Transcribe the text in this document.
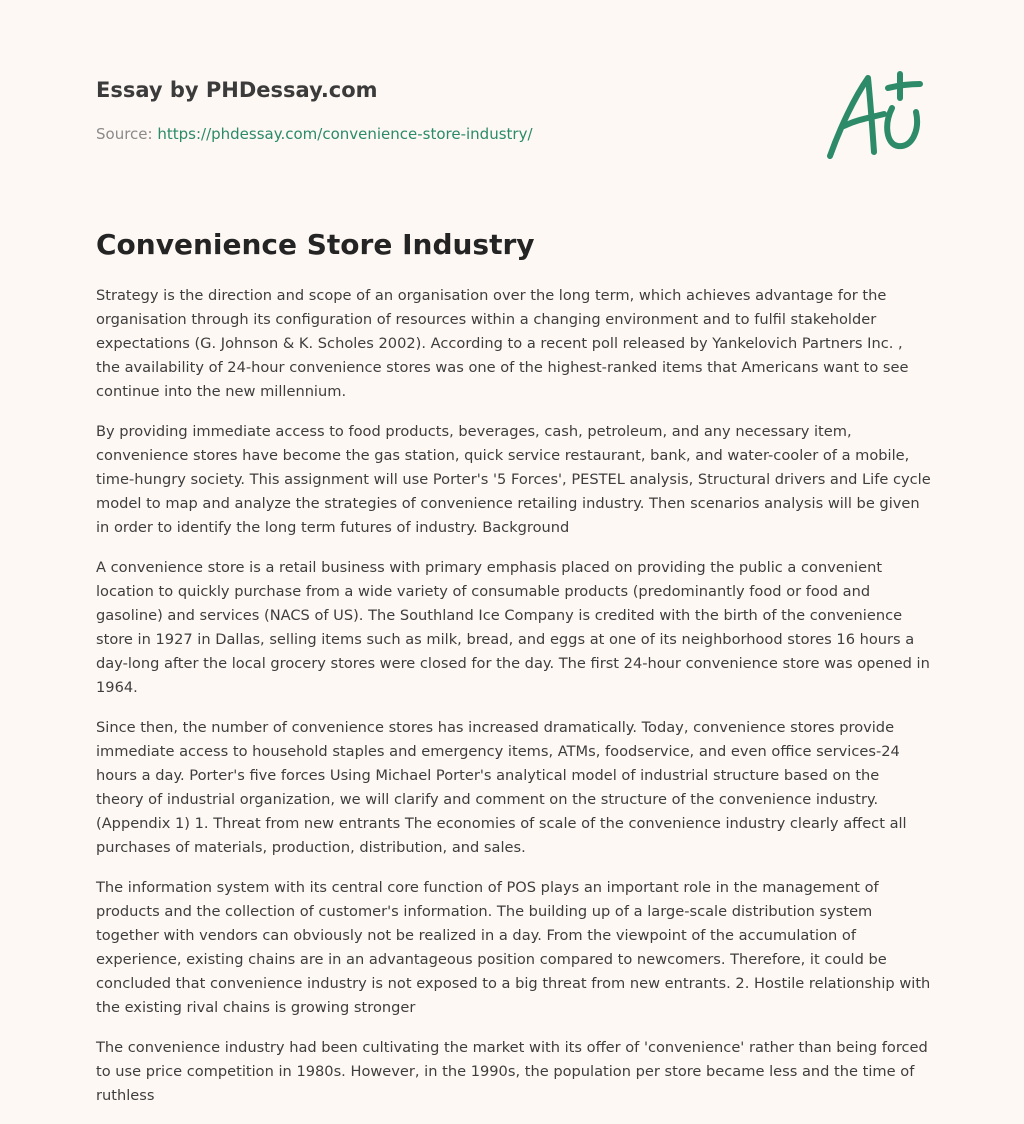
Essay by PHDessay.com
Source: https://phdessay.com/convenience-store-industry/
Convenience Store Industry

Strategy is the direction and scope of an organisation over the long term, which achieves advantage for the organisation through its configuration of resources within a changing environment and to fulfil stakeholder expectations (G. Johnson & K. Scholes 2002). According to a recent poll released by Yankelovich Partners Inc. , the availability of 24-hour convenience stores was one of the highest-ranked items that Americans want to see continue into the new millennium.

By providing immediate access to food products, beverages, cash, petroleum, and any necessary item, convenience stores have become the gas station, quick service restaurant, bank, and water-cooler of a mobile, time-hungry society. This assignment will use Porter's '5 Forces', PESTEL analysis, Structural drivers and Life cycle model to map and analyze the strategies of convenience retailing industry. Then scenarios analysis will be given in order to identify the long term futures of industry. Background

A convenience store is a retail business with primary emphasis placed on providing the public a convenient location to quickly purchase from a wide variety of consumable products (predominantly food or food and gasoline) and services (NACS of US). The Southland Ice Company is credited with the birth of the convenience store in 1927 in Dallas, selling items such as milk, bread, and eggs at one of its neighborhood stores 16 hours a day-long after the local grocery stores were closed for the day. The first 24-hour convenience store was opened in 1964.

Since then, the number of convenience stores has increased dramatically. Today, convenience stores provide immediate access to household staples and emergency items, ATMs, foodservice, and even office services-24 hours a day. Porter's five forces Using Michael Porter's analytical model of industrial structure based on the theory of industrial organization, we will clarify and comment on the structure of the convenience industry. (Appendix 1) 1. Threat from new entrants The economies of scale of the convenience industry clearly affect all purchases of materials, production, distribution, and sales.

The information system with its central core function of POS plays an important role in the management of products and the collection of customer's information. The building up of a large-scale distribution system together with vendors can obviously not be realized in a day. From the viewpoint of the accumulation of experience, existing chains are in an advantageous position compared to newcomers. Therefore, it could be concluded that convenience industry is not exposed to a big threat from new entrants. 2. Hostile relationship with the existing rival chains is growing stronger

The convenience industry had been cultivating the market with its offer of 'convenience' rather than being forced to use price competition in 1980s. However, in the 1990s, the population per store became less and the time of ruthless
